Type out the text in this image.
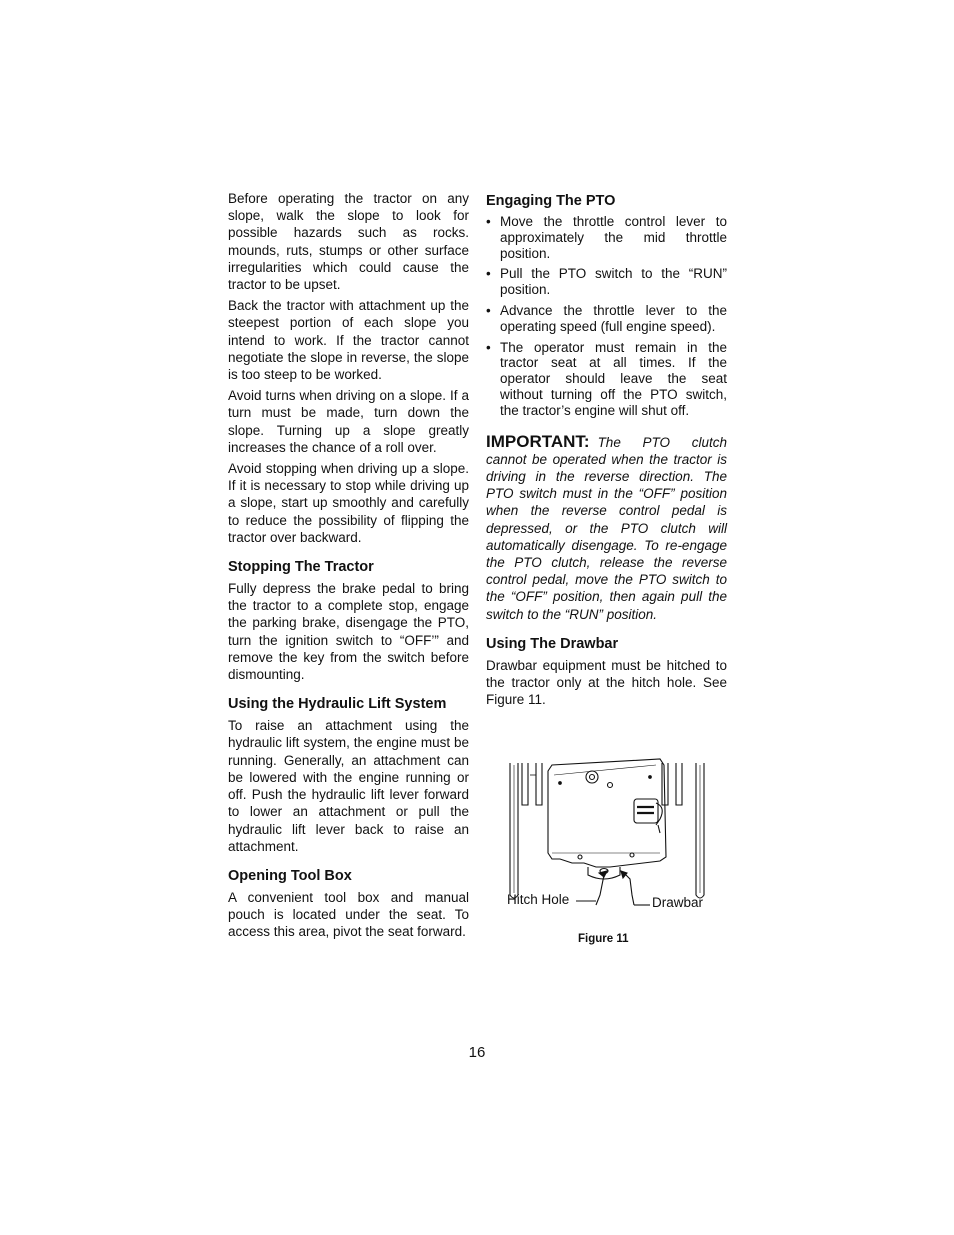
Before operating the tractor on any slope, walk the slope to look for possible hazards such as rocks. mounds, ruts, stumps or other surface irregularities which could cause the tractor to be upset.

Back the tractor with attachment up the steepest portion of each slope you intend to work. If the tractor cannot negotiate the slope in reverse, the slope is too steep to be worked.

Avoid turns when driving on a slope. If a turn must be made, turn down the slope. Turning up a slope greatly increases the chance of a roll over.

Avoid stopping when driving up a slope. If it is necessary to stop while driving up a slope, start up smoothly and carefully to reduce the possibility of flipping the tractor over backward.

Stopping The Tractor

Fully depress the brake pedal to bring the tractor to a complete stop, engage the parking brake, disengage the PTO, turn the ignition switch to “OFF’” and remove the key from the switch before dismounting.

Using the Hydraulic Lift System

To raise an attachment using the hydraulic lift system, the engine must be running. Generally, an attachment can be lowered with the engine running or off. Push the hydraulic lift lever forward to lower an attachment or pull the hydraulic lift lever back to raise an attachment.

Opening Tool Box

A convenient tool box and manual pouch is located under the seat. To access this area, pivot the seat forward.

Engaging The PTO
• Move the throttle control lever to approximately the mid throttle position.
• Pull the PTO switch to the “RUN” position.
• Advance the throttle lever to the operating speed (full engine speed).
• The operator must remain in the tractor seat at all times. If the operator should leave the seat without turning off the PTO switch, the tractor’s engine will shut off.

IMPORTANT: The PTO clutch cannot be operated when the tractor is driving in the reverse direction. The PTO switch must in the “OFF” position when the reverse control pedal is depressed, or the PTO clutch will automatically disengage. To re-engage the PTO clutch, release the reverse control pedal, move the PTO switch to the “OFF” position, then again pull the switch to the “RUN” position.

Using The Drawbar

Drawbar equipment must be hitched to the tractor only at the hitch hole. See Figure 11.

Hitch Hole	Drawbar
Figure 11
16
